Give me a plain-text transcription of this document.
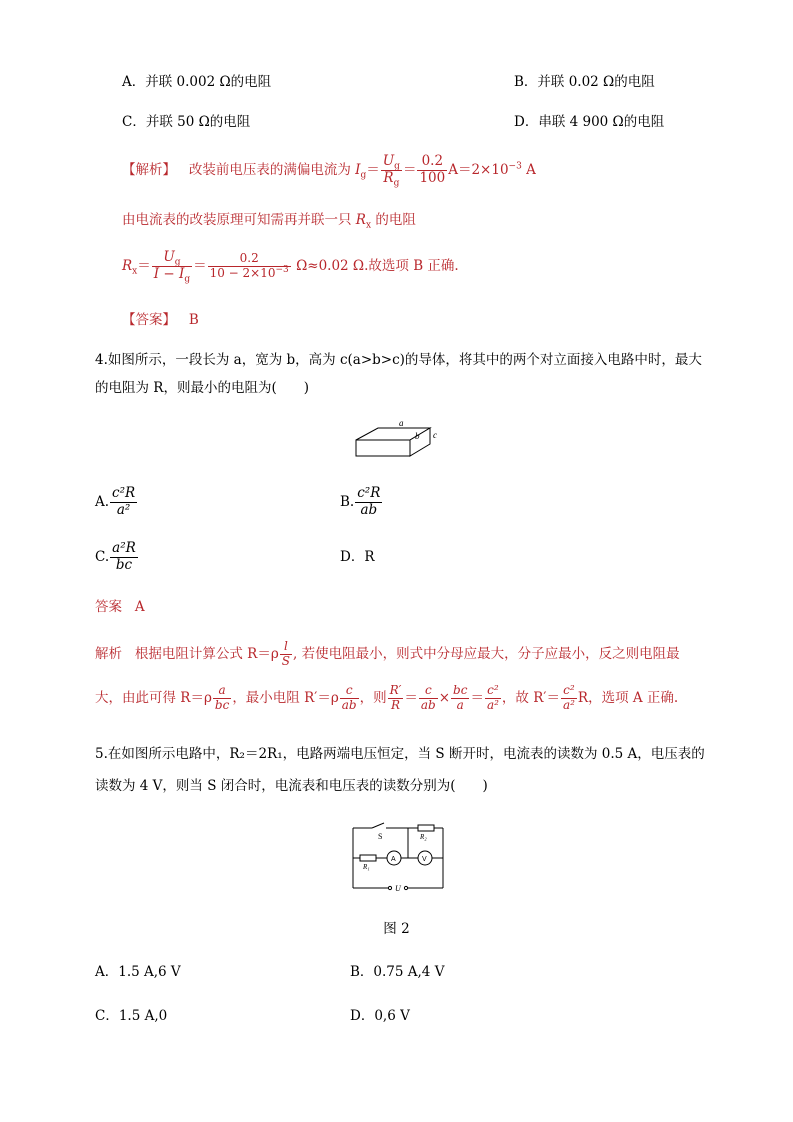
A．并联 0.002 Ω的电阻	B．并联 0.02 Ω的电阻
C．并联 50 Ω的电阻	D．串联 4 900 Ω的电阻
【解析】 改装前电压表的满偏电流为 $I_g= \frac{U_g}{R_g} = \frac{0.2}{100} A=2\times 10^{-3}$ A
由电流表的改装原理可知需再并联一只 $R_x$ 的电阻
$R_x= \frac{U_g}{I - I_g} = \frac{0.2}{10 - 2\times 10^{-3}} \Omega\approx 0.02$ Ω.故选项 B 正确.
【答案】 B
4.如图所示，一段长为 a，宽为 b，高为 c(a>b>c)的导体，将其中的两个对立面接入电路中时，最大
的电阻为 R，则最小的电阻为(　　)
a
b c
A. $\frac{\text{c²R}}{\text{a²}}$	B. $\frac{\text{c²R}}{ab}$
C. $\frac{\text{a²R}}{bc}$	D．R
答案 A
解析 根据电阻计算公式 $R=\rho \frac{l}{S}$ , 若使电阻最小，则式中分母应最大，分子应最小，反之则电阻最
大，由此可得 $R=\rho \frac{a}{bc}$ ，最小电阻 $R'=\rho \frac{c}{ab}$ ，则 $\frac{R'}{R} = \frac{c}{ab} \times \frac{bc}{a} = \frac{\text{c²}}{\text{a²}}$ ，故 $R'= \frac{\text{c²}}{\text{a²}}$ R，选项 A 正确.
5.在如图所示电路中，R₂＝2R₁，电路两端电压恒定，当 S 断开时，电流表的读数为 0.5 A，电压表的
读数为 4 V，则当 S 闭合时，电流表和电压表的读数分别为(　　)
S	R₂
R₁
A	V
U
图 2
A．1.5 A,6 V	B．0.75 A,4 V
C．1.5 A,0	D．0,6 V
